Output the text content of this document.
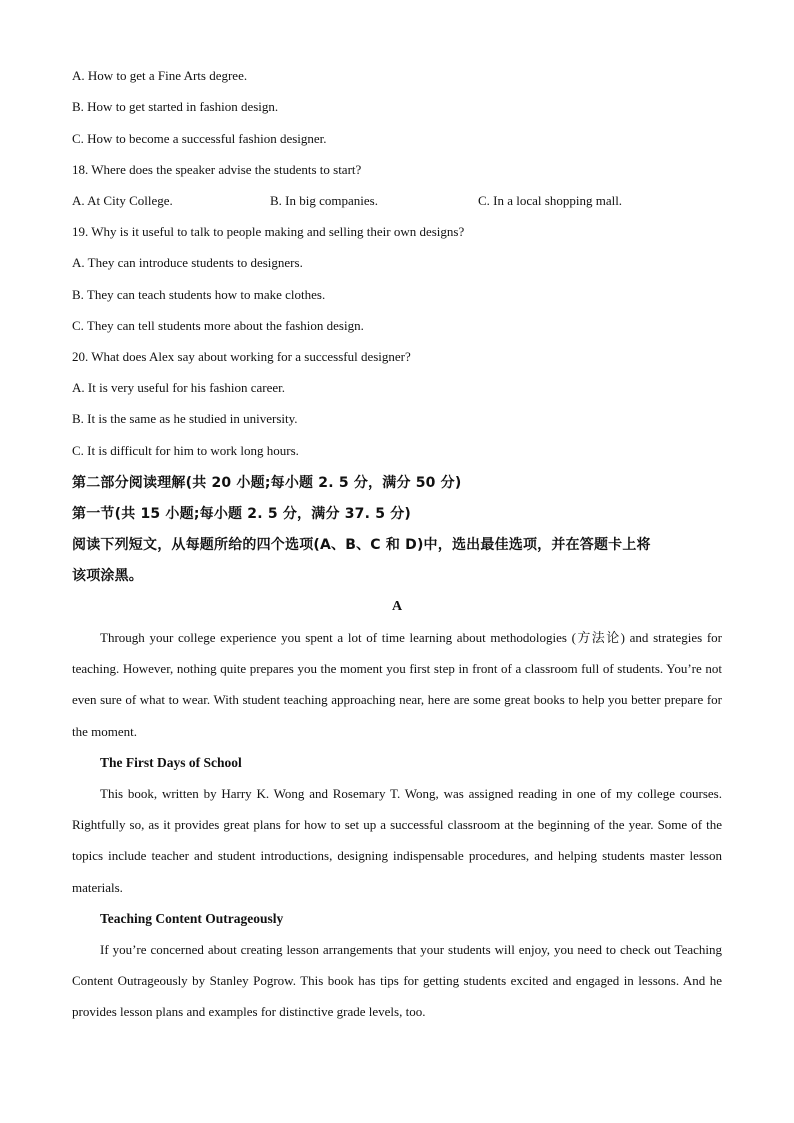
A. How to get a Fine Arts degree.
B. How to get started in fashion design.
C. How to become a successful fashion designer.
18. Where does the speaker advise the students to start?
A. At City College.	B. In big companies.	C. In a local shopping mall.
19. Why is it useful to talk to people making and selling their own designs?
A. They can introduce students to designers.
B. They can teach students how to make clothes.
C. They can tell students more about the fashion design.
20. What does Alex say about working for a successful designer?
A. It is very useful for his fashion career.
B. It is the same as he studied in university.
C. It is difficult for him to work long hours.
第二部分阅读理解(共 20 小题;每小题 2. 5 分，满分 50 分)
第一节(共 15 小题;每小题 2. 5 分，满分 37. 5 分)
阅读下列短文，从每题所给的四个选项(A、B、C 和 D)中，选出最佳选项，并在答题卡上将
该项涂黑。
A
Through your college experience you spent a lot of time learning about methodologies (方法论) and strategies for teaching. However, nothing quite prepares you the moment you first step in front of a classroom full of students. You’re not even sure of what to wear. With student teaching approaching near, here are some great books to help you better prepare for the moment.
The First Days of School
This book, written by Harry K. Wong and Rosemary T. Wong, was assigned reading in one of my college courses. Rightfully so, as it provides great plans for how to set up a successful classroom at the beginning of the year. Some of the topics include teacher and student introductions, designing indispensable procedures, and helping students master lesson materials.
Teaching Content Outrageously
If you’re concerned about creating lesson arrangements that your students will enjoy, you need to check out Teaching Content Outrageously by Stanley Pogrow. This book has tips for getting students excited and engaged in lessons. And he provides lesson plans and examples for distinctive grade levels, too.
